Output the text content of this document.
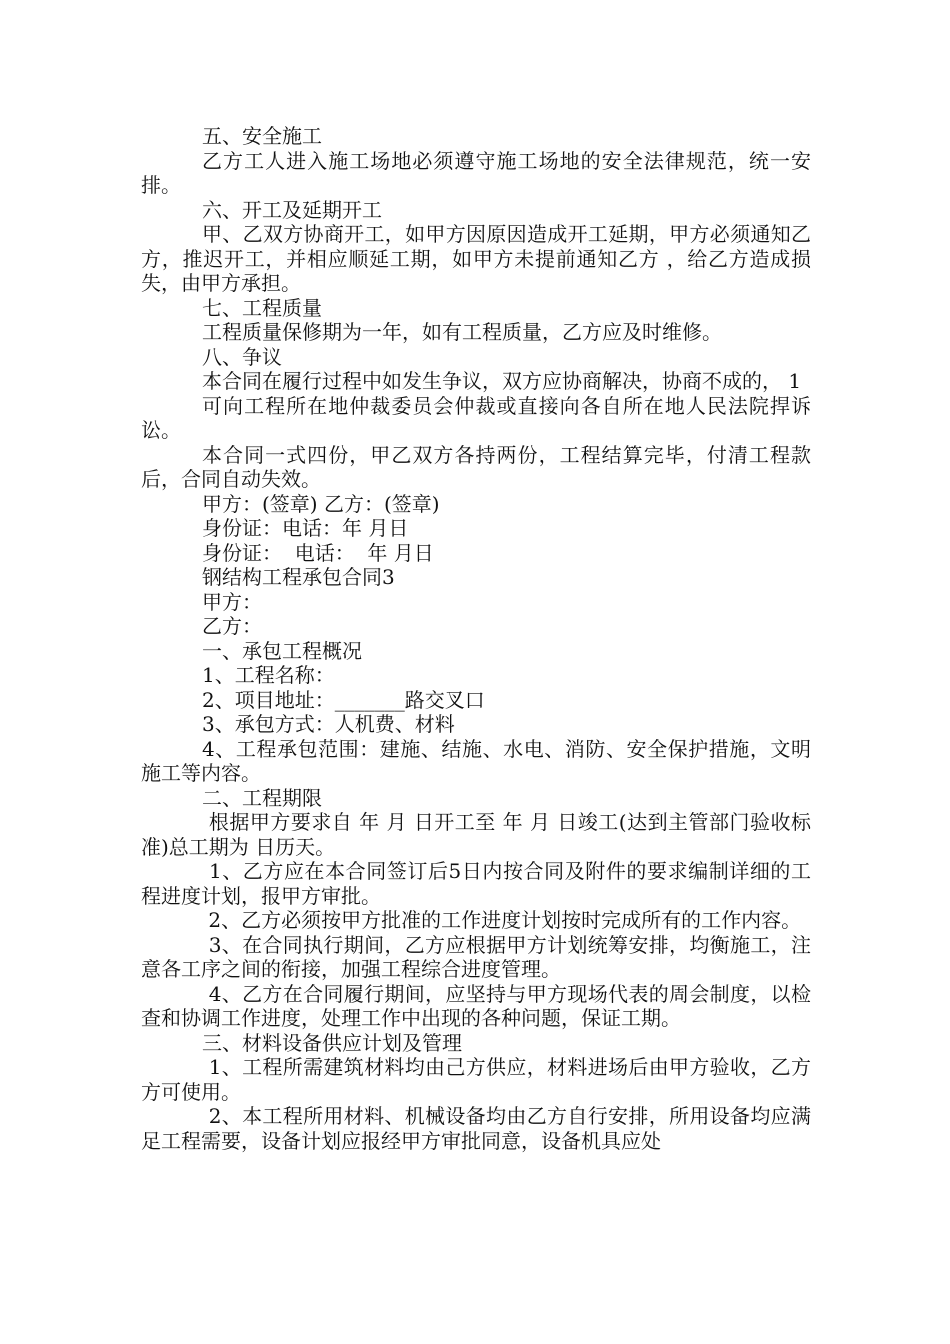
五、安全施工

乙方工人进入施工场地必须遵守施工场地的安全法律规范，统一安排。

六、开工及延期开工

甲、乙双方协商开工，如甲方因原因造成开工延期，甲方必须通知乙方，推迟开工，并相应顺延工期，如甲方未提前通知乙方 ，给乙方造成损失，由甲方承担。

七、工程质量

工程质量保修期为一年，如有工程质量，乙方应及时维修。

八、争议

本合同在履行过程中如发生争议，双方应协商解决，协商不成的， 1

可向工程所在地仲裁委员会仲裁或直接向各自所在地人民法院捍诉讼。

本合同一式四份，甲乙双方各持两份，工程结算完毕，付清工程款后，合同自动失效。

甲方：(签章) 乙方：(签章)

身份证：电话：年 月日

身份证：  电话：  年 月日

钢结构工程承包合同3

甲方：

乙方：

一、承包工程概况

1、工程名称：

2、项目地址：_______路交叉口

3、承包方式：人机费、材料

4、工程承包范围：建施、结施、水电、消防、安全保护措施，文明施工等内容。

二、工程期限

根据甲方要求自 年 月 日开工至 年 月 日竣工(达到主管部门验收标准)总工期为 日历天。

1、乙方应在本合同签订后5日内按合同及附件的要求编制详细的工程进度计划，报甲方审批。

2、乙方必须按甲方批准的工作进度计划按时完成所有的工作内容。

3、在合同执行期间，乙方应根据甲方计划统筹安排，均衡施工，注意各工序之间的衔接，加强工程综合进度管理。

4、乙方在合同履行期间，应坚持与甲方现场代表的周会制度，以检查和协调工作进度，处理工作中出现的各种问题，保证工期。

三、材料设备供应计划及管理

1、工程所需建筑材料均由己方供应，材料进场后由甲方验收，乙方方可使用。

2、本工程所用材料、机械设备均由乙方自行安排，所用设备均应满足工程需要，设备计划应报经甲方审批同意，设备机具应处
